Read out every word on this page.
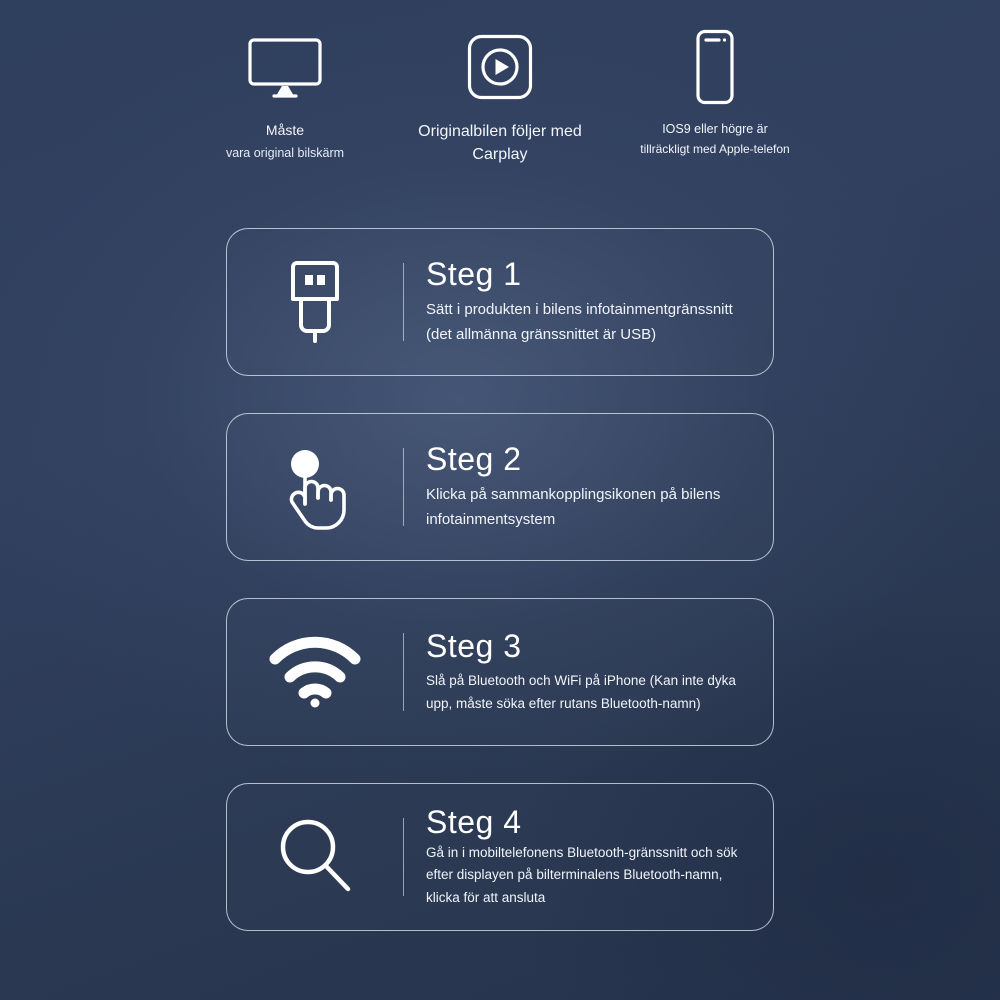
Måste
vara original bilskärm
Originalbilen följer med
Carplay
IOS9 eller högre är
tillräckligt med Apple-telefon
Steg 1

Sätt i produkten i bilens infotainmentgränssnitt (det allmänna gränssnittet är USB)

Steg 2

Klicka på sammankopplingsikonen på bilens infotainmentsystem

Steg 3

Slå på Bluetooth och WiFi på iPhone (Kan inte dyka upp, måste söka efter rutans Bluetooth-namn)

Steg 4

Gå in i mobiltelefonens Bluetooth-gränssnitt och sök efter displayen på bilterminalens Bluetooth-namn, klicka för att ansluta
